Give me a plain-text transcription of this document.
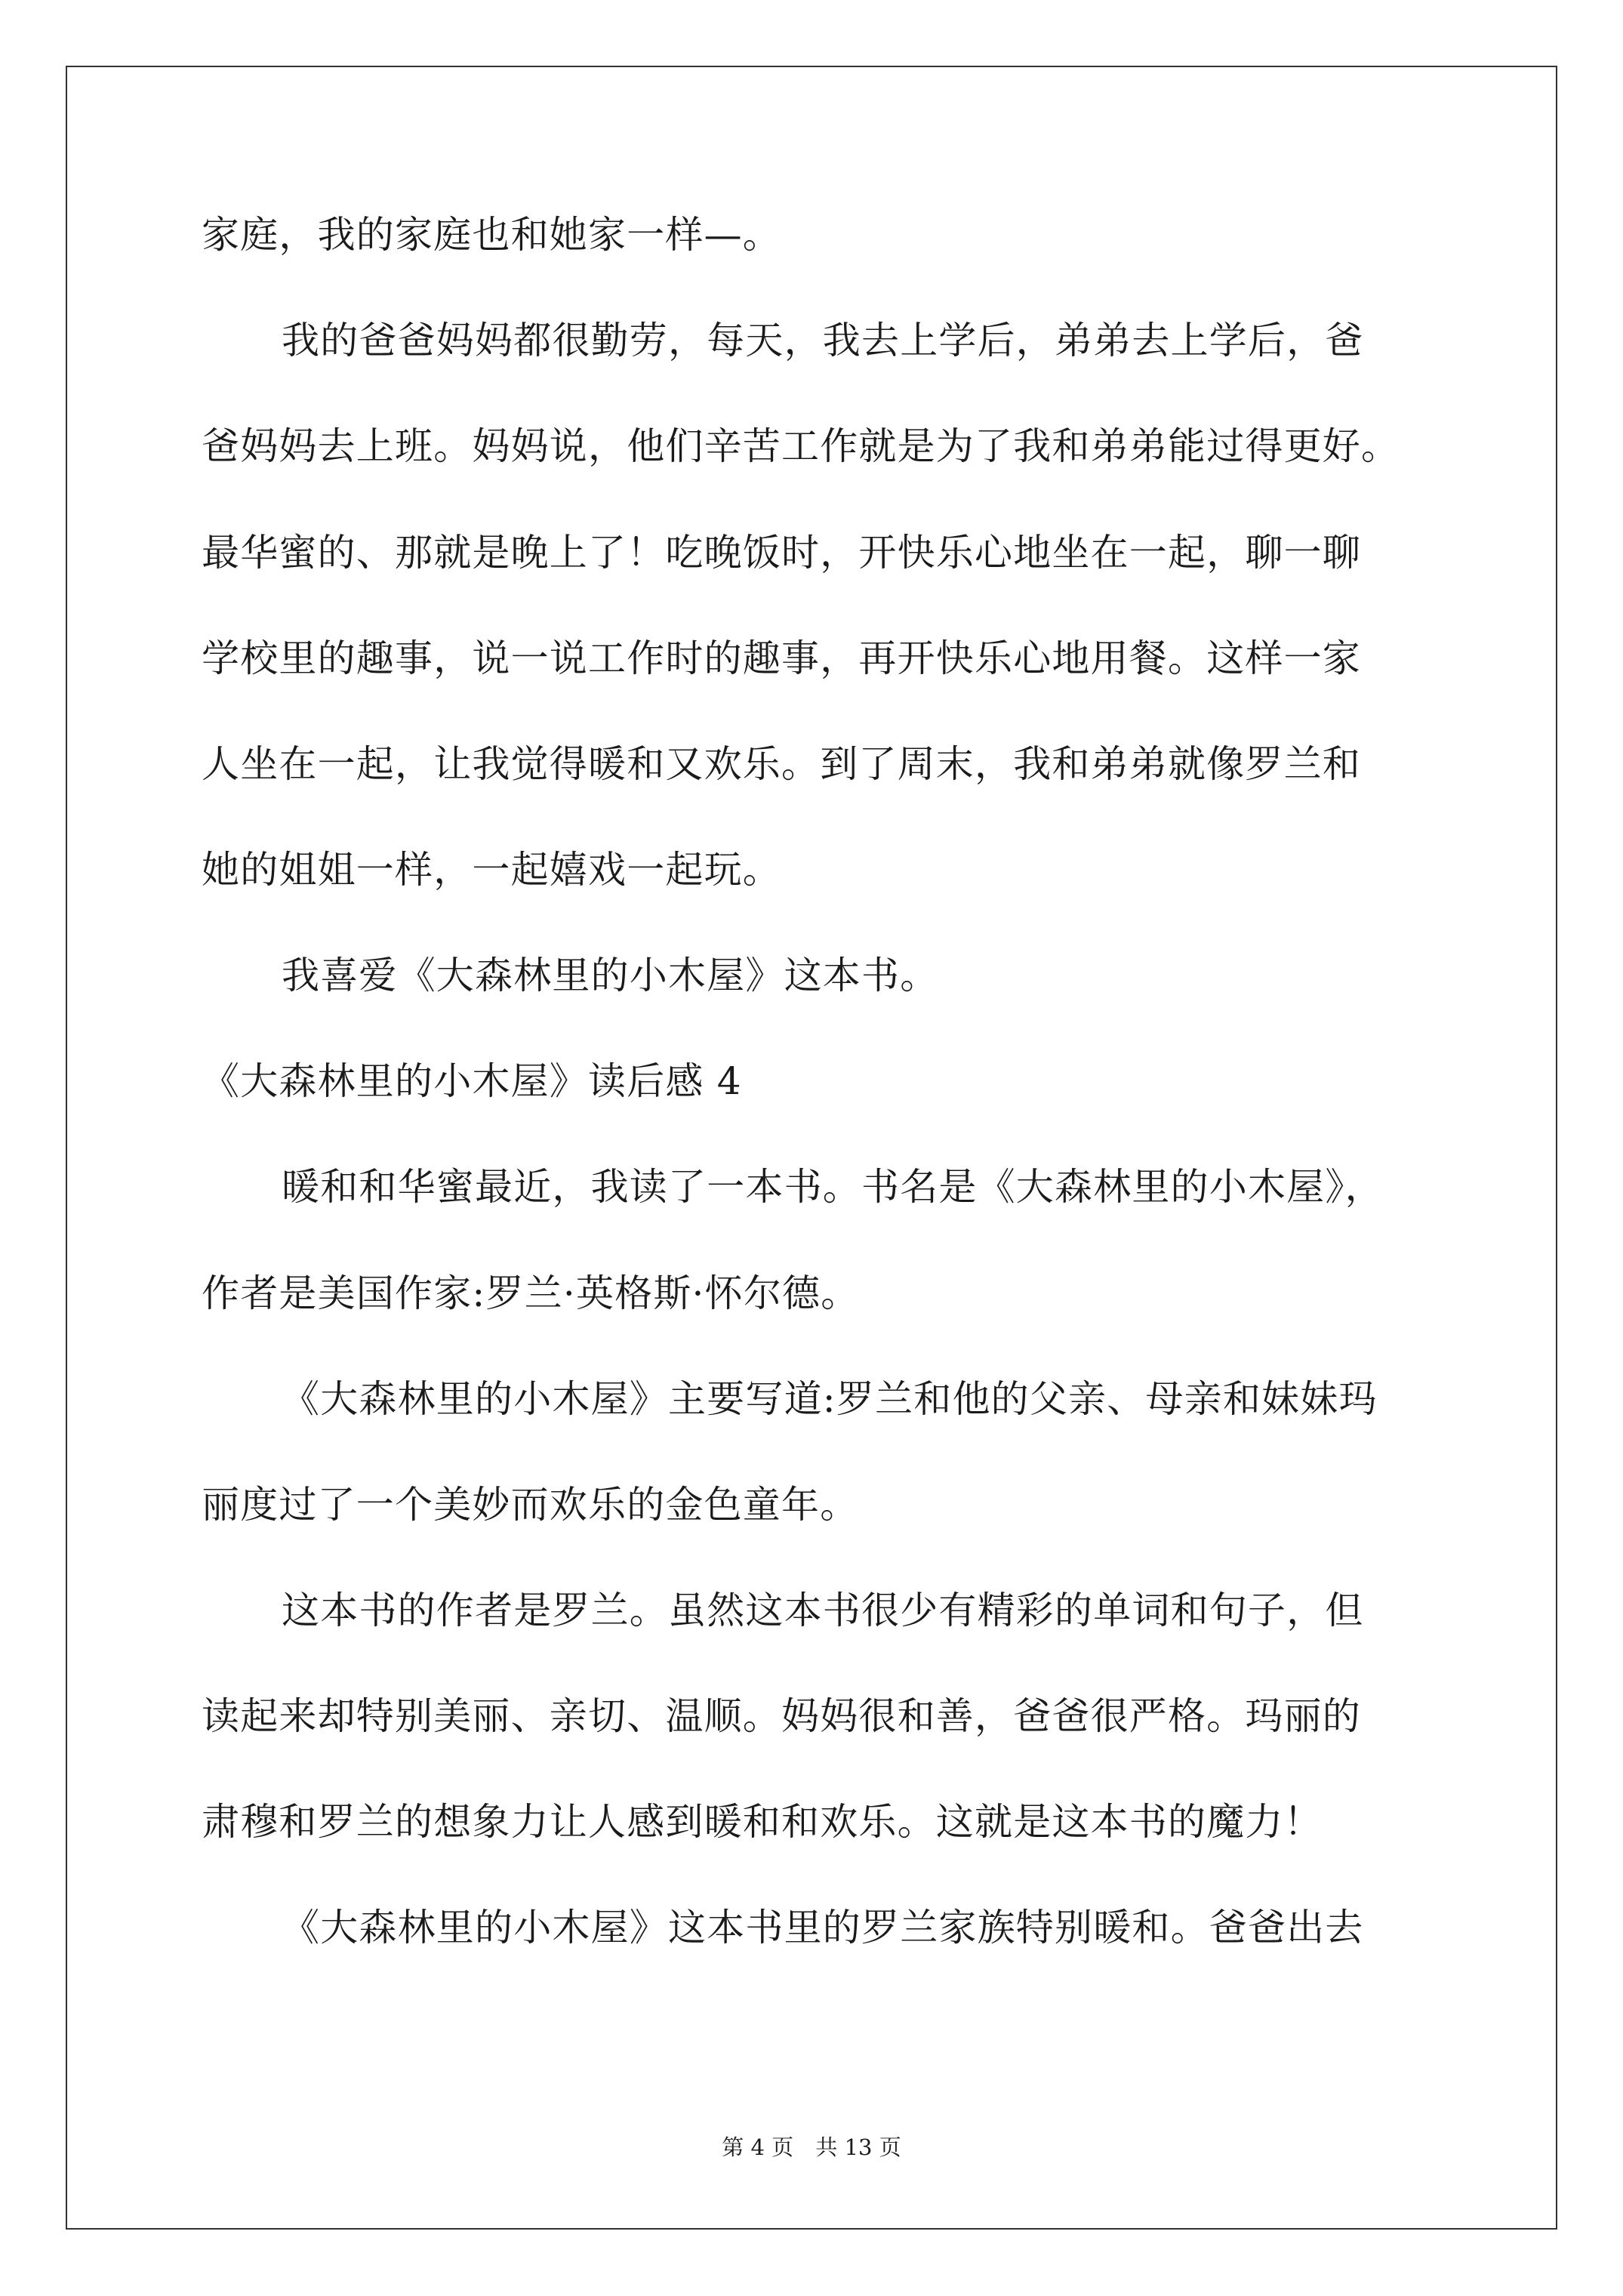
家庭，我的家庭也和她家一样—。
我的爸爸妈妈都很勤劳，每天，我去上学后，弟弟去上学后，爸
爸妈妈去上班。妈妈说，他们辛苦工作就是为了我和弟弟能过得更好。
最华蜜的、那就是晚上了！吃晚饭时，开快乐心地坐在一起，聊一聊
学校里的趣事，说一说工作时的趣事，再开快乐心地用餐。这样一家
人坐在一起，让我觉得暖和又欢乐。到了周末，我和弟弟就像罗兰和
她的姐姐一样，一起嬉戏一起玩。
我喜爱《大森林里的小木屋》这本书。
《大森林里的小木屋》读后感 4
暖和和华蜜最近，我读了一本书。书名是《大森林里的小木屋》，
作者是美国作家:罗兰·英格斯·怀尔德。
《大森林里的小木屋》主要写道:罗兰和他的父亲、母亲和妹妹玛
丽度过了一个美妙而欢乐的金色童年。
这本书的作者是罗兰。虽然这本书很少有精彩的单词和句子，但
读起来却特别美丽、亲切、温顺。妈妈很和善，爸爸很严格。玛丽的
肃穆和罗兰的想象力让人感到暖和和欢乐。这就是这本书的魔力！
《大森林里的小木屋》这本书里的罗兰家族特别暖和。爸爸出去
第 4 页 共 13 页
